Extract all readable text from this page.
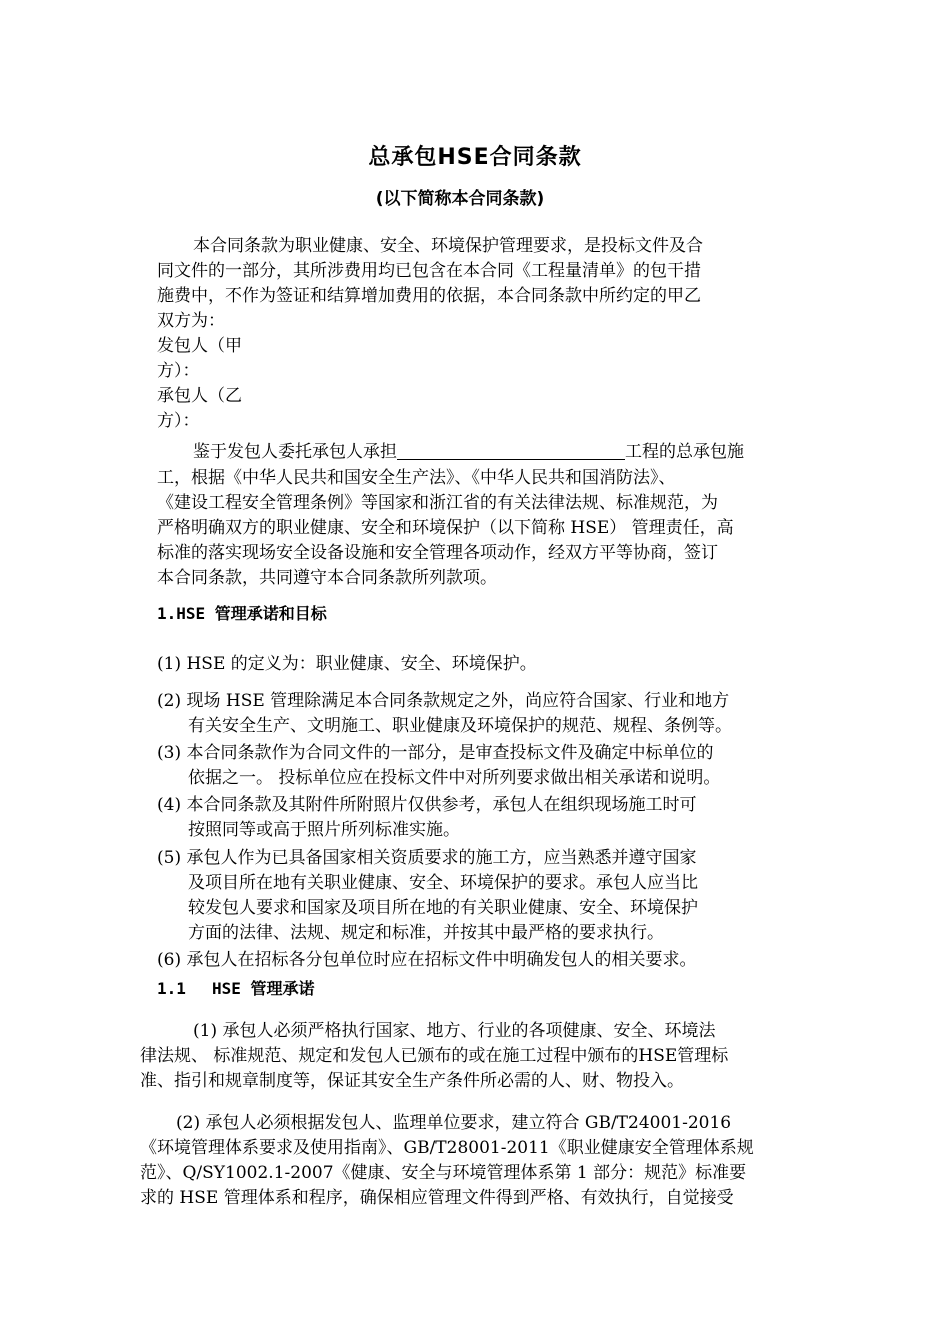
总承包HSE合同条款
(以下简称本合同条款)
本合同条款为职业健康、安全、环境保护管理要求，是投标文件及合
同文件的一部分，其所涉费用均已包含在本合同《工程量清单》的包干措
施费中，不作为签证和结算增加费用的依据，本合同条款中所约定的甲乙
双方为：
发包人（甲
方）：
承包人（乙
方）：
鉴于发包人委托承包人承担	工程的总承包施
工，根据《中华人民共和国安全生产法》、《中华人民共和国消防法》、
《建设工程安全管理条例》等国家和浙江省的有关法律法规、标准规范，为
严格明确双方的职业健康、安全和环境保护（以下简称 HSE） 管理责任，高
标准的落实现场安全设备设施和安全管理各项动作，经双方平等协商，签订
本合同条款，共同遵守本合同条款所列款项。
1.HSE 管理承诺和目标
(1) HSE 的定义为：职业健康、安全、环境保护。
(2) 现场 HSE 管理除满足本合同条款规定之外，尚应符合国家、行业和地方
有关安全生产、文明施工、职业健康及环境保护的规范、规程、条例等。
(3) 本合同条款作为合同文件的一部分，是审查投标文件及确定中标单位的
依据之一。 投标单位应在投标文件中对所列要求做出相关承诺和说明。
(4) 本合同条款及其附件所附照片仅供参考，承包人在组织现场施工时可
按照同等或高于照片所列标准实施。
(5) 承包人作为已具备国家相关资质要求的施工方，应当熟悉并遵守国家
及项目所在地有关职业健康、安全、环境保护的要求。承包人应当比
较发包人要求和国家及项目所在地的有关职业健康、安全、环境保护
方面的法律、法规、规定和标准，并按其中最严格的要求执行。
(6) 承包人在招标各分包单位时应在招标文件中明确发包人的相关要求。
1.1 HSE 管理承诺
(1) 承包人必须严格执行国家、地方、行业的各项健康、安全、环境法
律法规、 标准规范、规定和发包人已颁布的或在施工过程中颁布的HSE管理标
准、指引和规章制度等，保证其安全生产条件所必需的人、财、物投入。
(2) 承包人必须根据发包人、监理单位要求，建立符合 GB/T24001-2016
《环境管理体系要求及使用指南》、GB/T28001-2011《职业健康安全管理体系规
范》、Q/SY1002.1-2007《健康、安全与环境管理体系第 1 部分：规范》标准要
求的 HSE 管理体系和程序，确保相应管理文件得到严格、有效执行，自觉接受
